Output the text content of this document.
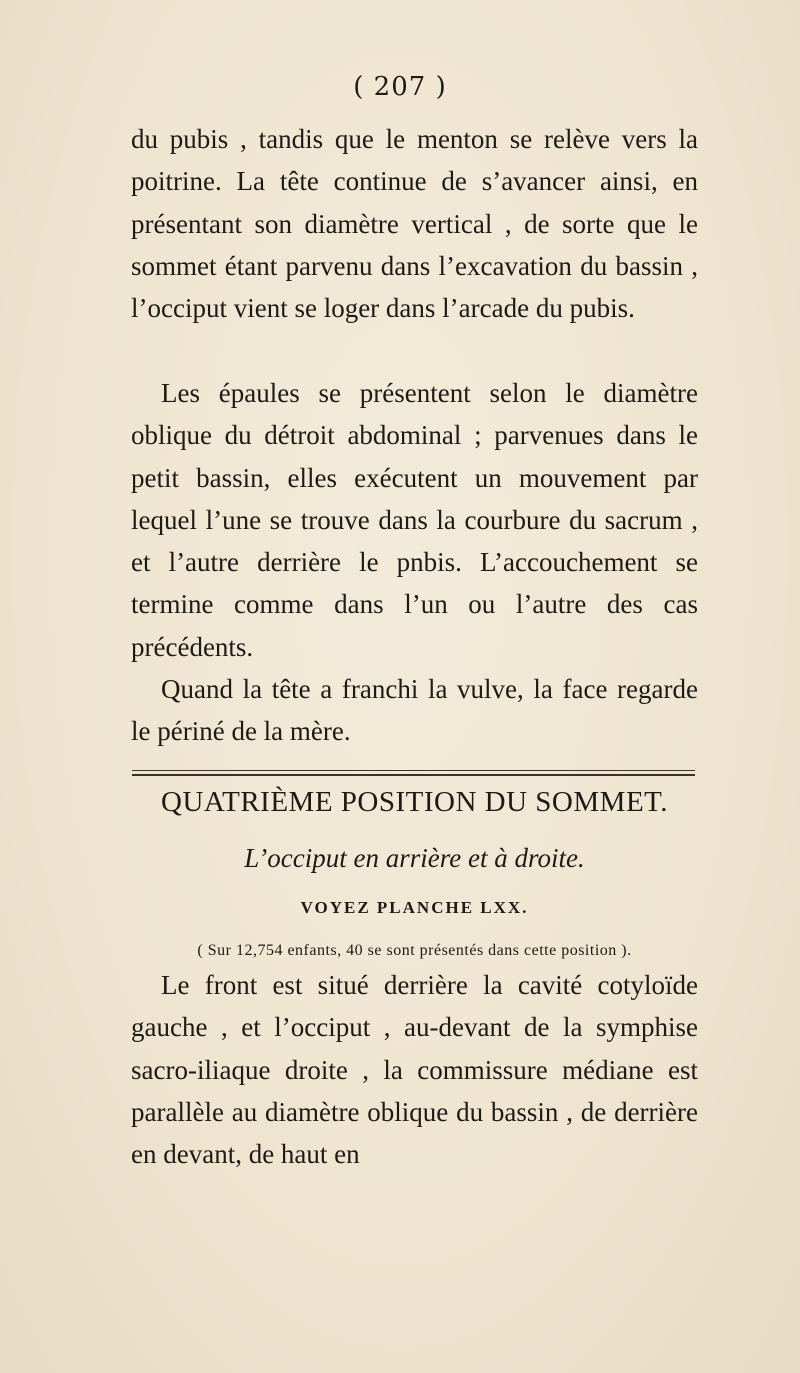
( 207 )

du pubis , tandis que le menton se relève vers la poitrine. La tête continue de s’avancer ainsi, en présentant son diamètre vertical , de sorte que le sommet étant parvenu dans l’excavation du bassin , l’occiput vient se loger dans l’arcade du pubis.

Les épaules se présentent selon le diamètre oblique du détroit abdominal ; parvenues dans le petit bassin, elles exécutent un mouvement par lequel l’une se trouve dans la courbure du sacrum , et l’autre derrière le pnbis. L’accouchement se termine comme dans l’un ou l’autre des cas précédents.

Quand la tête a franchi la vulve, la face regarde le périné de la mère.

QUATRIÈME POSITION DU SOMMET.
L’occiput en arrière et à droite.
VOYEZ PLANCHE LXX.
( Sur 12,754 enfants, 40 se sont présentés dans cette position ).

Le front est situé derrière la cavité cotyloïde gauche , et l’occiput , au-devant de la symphise sacro-iliaque droite , la commissure médiane est parallèle au diamètre oblique du bassin , de derrière en devant, de haut en
